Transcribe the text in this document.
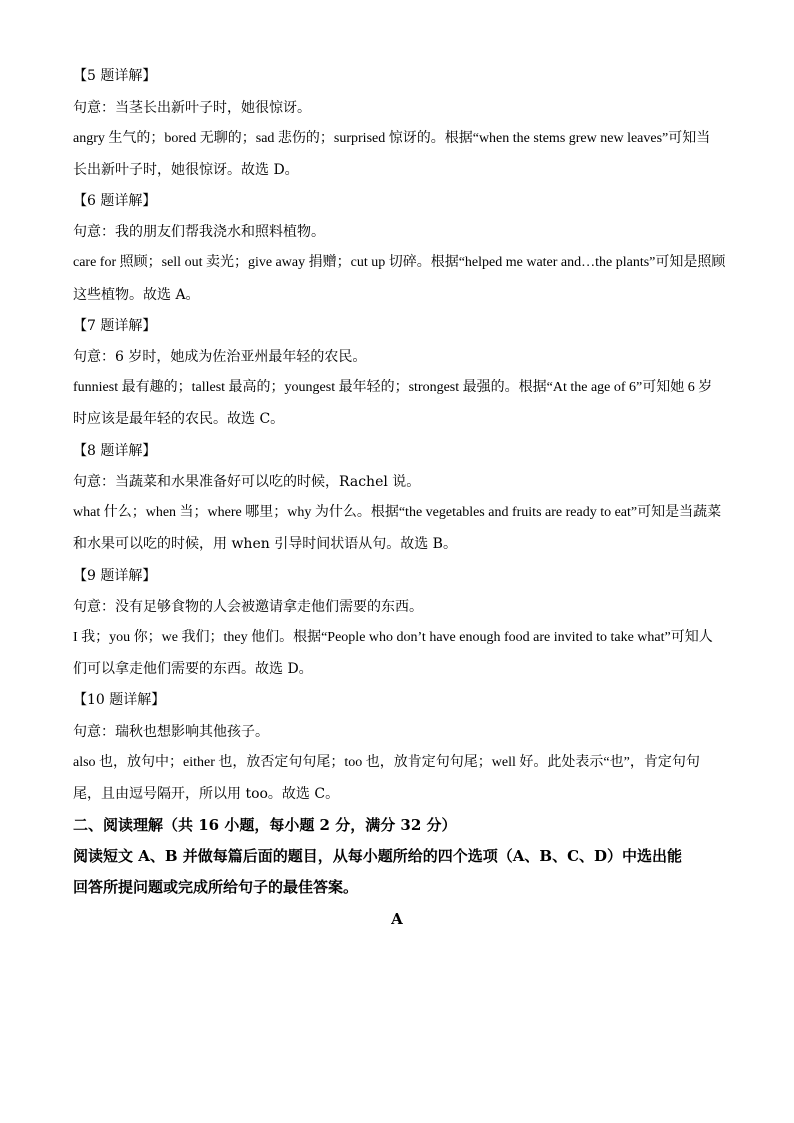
【5 题详解】
句意：当茎长出新叶子时，她很惊讶。
angry 生气的；bored 无聊的；sad 悲伤的；surprised 惊讶的。根据“when the stems grew new leaves”可知当
长出新叶子时，她很惊讶。故选 D。
【6 题详解】
句意：我的朋友们帮我浇水和照料植物。
care for 照顾；sell out 卖光；give away 捐赠；cut up 切碎。根据“helped me water and…the plants”可知是照顾
这些植物。故选 A。
【7 题详解】
句意：6 岁时，她成为佐治亚州最年轻的农民。
funniest 最有趣的；tallest 最高的；youngest 最年轻的；strongest 最强的。根据“At the age of 6”可知她 6 岁
时应该是最年轻的农民。故选 C。
【8 题详解】
句意：当蔬菜和水果准备好可以吃的时候，Rachel 说。
what 什么；when 当；where 哪里；why 为什么。根据“the vegetables and fruits are ready to eat”可知是当蔬菜
和水果可以吃的时候，用 when 引导时间状语从句。故选 B。
【9 题详解】
句意：没有足够食物的人会被邀请拿走他们需要的东西。
I 我；you 你；we 我们；they 他们。根据“People who don’t have enough food are invited to take what”可知人
们可以拿走他们需要的东西。故选 D。
【10 题详解】
句意：瑞秋也想影响其他孩子。
also 也，放句中；either 也，放否定句句尾；too 也，放肯定句句尾；well 好。此处表示“也”，肯定句句
尾，且由逗号隔开，所以用 too。故选 C。
二、阅读理解（共 16 小题，每小题 2 分，满分 32 分）
阅读短文 A、B 并做每篇后面的题目，从每小题所给的四个选项（A、B、C、D）中选出能
回答所提问题或完成所给句子的最佳答案。
A
